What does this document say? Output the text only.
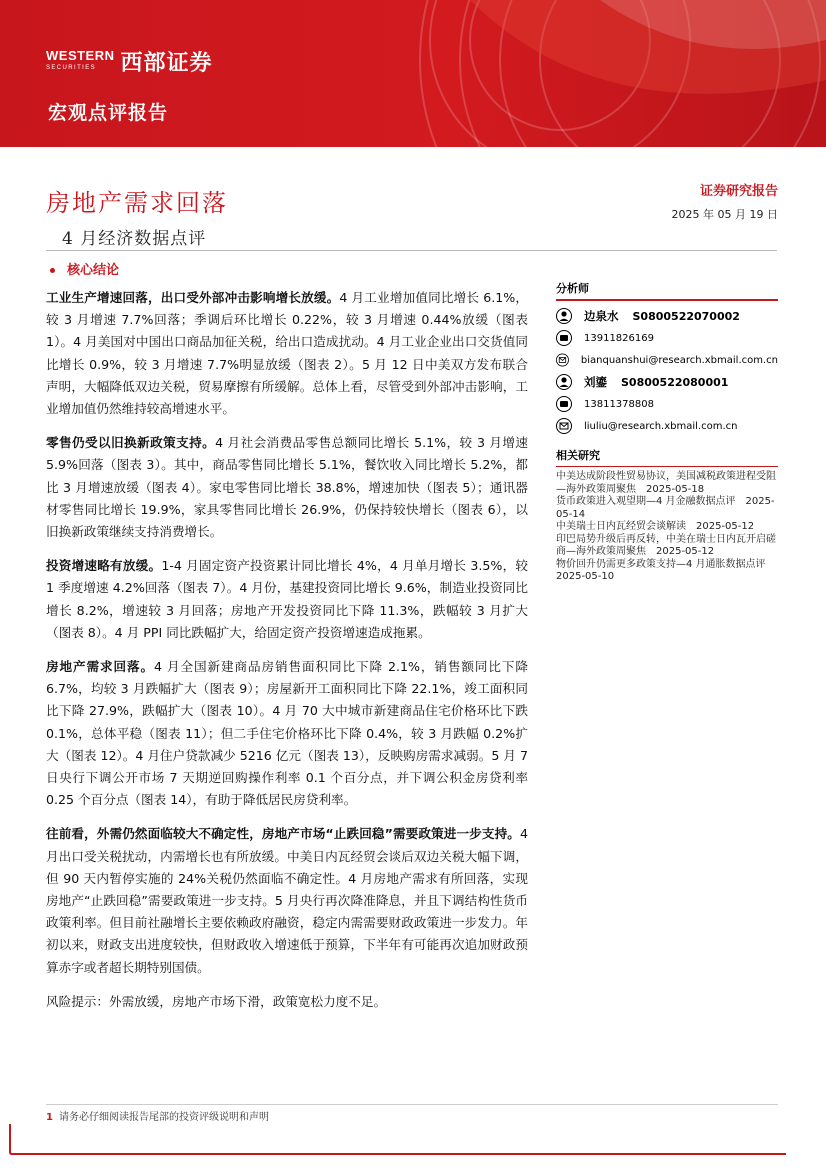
WESTERN
SECURITIES	西部证券
宏观点评报告
房地产需求回落
4 月经济数据点评
证券研究报告
2025 年 05 月 19 日
核心结论

工业生产增速回落，出口受外部冲击影响增长放缓。4 月工业增加值同比增长 6.1%，较 3 月增速 7.7%回落；季调后环比增长 0.22%，较 3 月增速 0.44%放缓（图表 1）。4 月美国对中国出口商品加征关税，给出口造成扰动。4 月工业企业出口交货值同比增长 0.9%，较 3 月增速 7.7%明显放缓（图表 2）。5 月 12 日中美双方发布联合声明，大幅降低双边关税，贸易摩擦有所缓解。总体上看，尽管受到外部冲击影响，工业增加值仍然维持较高增速水平。

零售仍受以旧换新政策支持。4 月社会消费品零售总额同比增长 5.1%，较 3 月增速 5.9%回落（图表 3）。其中，商品零售同比增长 5.1%，餐饮收入同比增长 5.2%，都比 3 月增速放缓（图表 4）。家电零售同比增长 38.8%，增速加快（图表 5）；通讯器材零售同比增长 19.9%，家具零售同比增长 26.9%，仍保持较快增长（图表 6），以旧换新政策继续支持消费增长。

投资增速略有放缓。1-4 月固定资产投资累计同比增长 4%，4 月单月增长 3.5%，较 1 季度增速 4.2%回落（图表 7）。4 月份，基建投资同比增长 9.6%，制造业投资同比增长 8.2%，增速较 3 月回落；房地产开发投资同比下降 11.3%，跌幅较 3 月扩大（图表 8）。4 月 PPI 同比跌幅扩大，给固定资产投资增速造成拖累。

房地产需求回落。4 月全国新建商品房销售面积同比下降 2.1%，销售额同比下降 6.7%，均较 3 月跌幅扩大（图表 9）；房屋新开工面积同比下降 22.1%，竣工面积同比下降 27.9%，跌幅扩大（图表 10）。4 月 70 大中城市新建商品住宅价格环比下跌 0.1%，总体平稳（图表 11）；但二手住宅价格环比下降 0.4%，较 3 月跌幅 0.2%扩大（图表 12）。4 月住户贷款减少 5216 亿元（图表 13），反映购房需求减弱。5 月 7 日央行下调公开市场 7 天期逆回购操作利率 0.1 个百分点，并下调公积金房贷利率 0.25 个百分点（图表 14），有助于降低居民房贷利率。

往前看，外需仍然面临较大不确定性，房地产市场“止跌回稳”需要政策进一步支持。4 月出口受关税扰动，内需增长也有所放缓。中美日内瓦经贸会谈后双边关税大幅下调，但 90 天内暂停实施的 24%关税仍然面临不确定性。4 月房地产需求有所回落，实现房地产“止跌回稳”需要政策进一步支持。5 月央行再次降准降息，并且下调结构性货币政策利率。但目前社融增长主要依赖政府融资，稳定内需需要财政政策进一步发力。年初以来，财政支出进度较快，但财政收入增速低于预算，下半年有可能再次追加财政预算赤字或者超长期特别国债。

风险提示：外需放缓，房地产市场下滑，政策宽松力度不足。

分析师
边泉水 S0800522070002
13911826169
bianquanshui@research.xbmail.com.cn
刘鎏 S0800522080001
13811378808
liuliu@research.xbmail.com.cn
相关研究
中美达成阶段性贸易协议，美国减税政策进程受阻—海外政策周聚焦　2025-05-18
货币政策进入观望期—4 月金融数据点评　2025-05-14
中美瑞士日内瓦经贸会谈解读　2025-05-12
印巴局势升级后再反转，中美在瑞士日内瓦开启磋商—海外政策周聚焦　2025-05-12
物价回升仍需更多政策支持—4 月通胀数据点评　2025-05-10
1 请务必仔细阅读报告尾部的投资评级说明和声明
